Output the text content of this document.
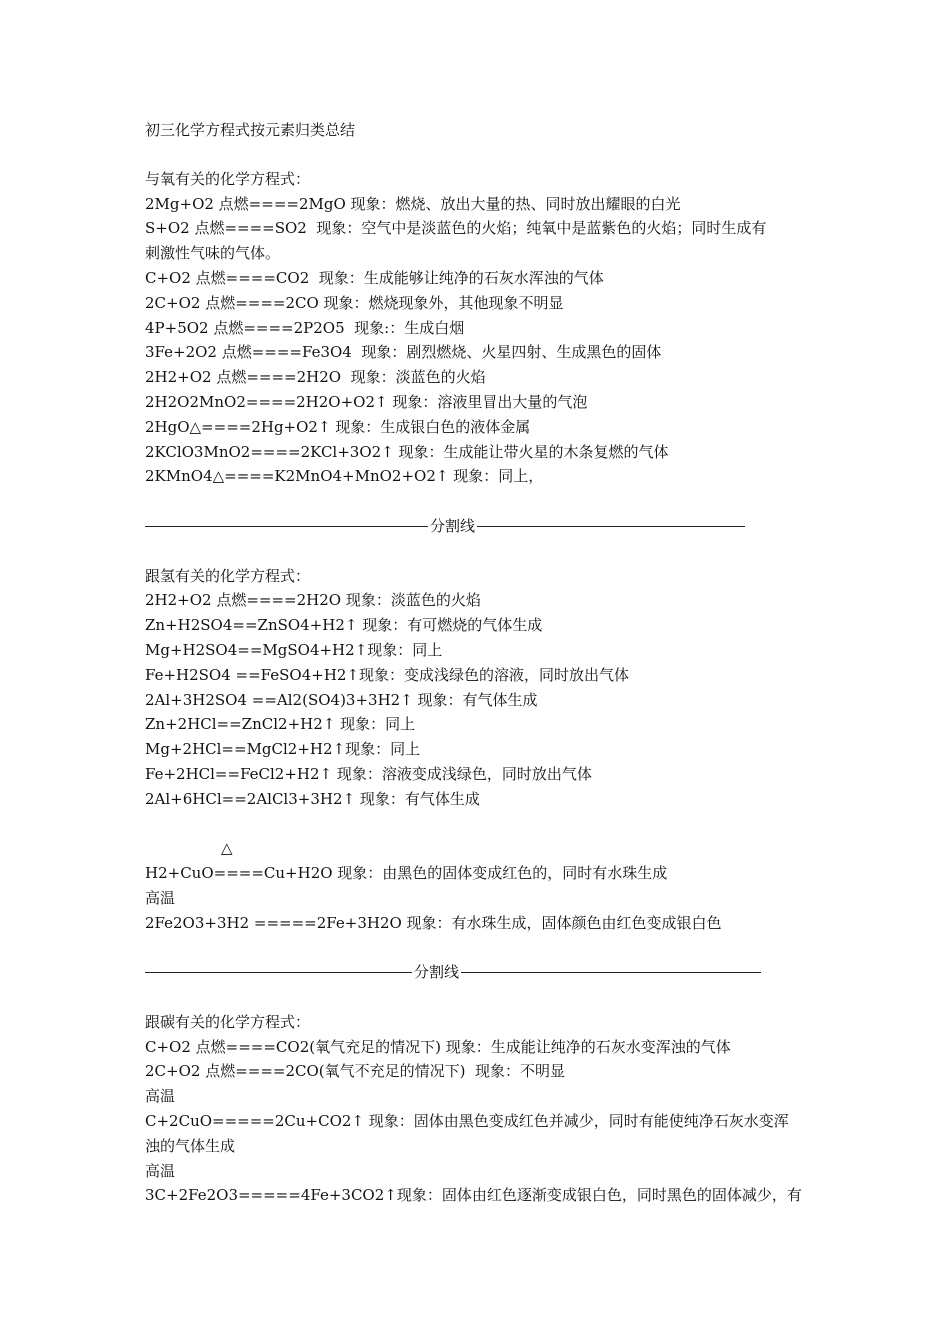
初三化学方程式按元素归类总结

与氧有关的化学方程式：

2Mg+O2 点燃====2MgO 现象：燃烧、放出大量的热、同时放出耀眼的白光

S+O2 点燃====SO2  现象：空气中是淡蓝色的火焰；纯氧中是蓝紫色的火焰；同时生成有

刺激性气味的气体。

C+O2 点燃====CO2  现象：生成能够让纯净的石灰水浑浊的气体

2C+O2 点燃====2CO 现象：燃烧现象外，其他现象不明显

4P+5O2 点燃====2P2O5  现象:：生成白烟

3Fe+2O2 点燃====Fe3O4  现象：剧烈燃烧、火星四射、生成黑色的固体

2H2+O2 点燃====2H2O  现象：淡蓝色的火焰

2H2O2MnO2====2H2O+O2↑ 现象：溶液里冒出大量的气泡

2HgO△====2Hg+O2↑ 现象：生成银白色的液体金属

2KClO3MnO2====2KCl+3O2↑ 现象：生成能让带火星的木条复燃的气体

2KMnO4△====K2MnO4+MnO2+O2↑ 现象：同上，

分割线

跟氢有关的化学方程式：

2H2+O2 点燃====2H2O 现象：淡蓝色的火焰

Zn+H2SO4==ZnSO4+H2↑ 现象：有可燃烧的气体生成

Mg+H2SO4==MgSO4+H2↑现象：同上

Fe+H2SO4 ==FeSO4+H2↑现象：变成浅绿色的溶液，同时放出气体

2Al+3H2SO4 ==Al2(SO4)3+3H2↑ 现象：有气体生成

Zn+2HCl==ZnCl2+H2↑ 现象：同上

Mg+2HCl==MgCl2+H2↑现象：同上

Fe+2HCl==FeCl2+H2↑ 现象：溶液变成浅绿色，同时放出气体

2Al+6HCl==2AlCl3+3H2↑ 现象：有气体生成

△

H2+CuO====Cu+H2O 现象：由黑色的固体变成红色的，同时有水珠生成

高温

2Fe2O3+3H2 =====2Fe+3H2O 现象：有水珠生成，固体颜色由红色变成银白色

分割线

跟碳有关的化学方程式：

C+O2 点燃====CO2(氧气充足的情况下) 现象：生成能让纯净的石灰水变浑浊的气体

2C+O2 点燃====2CO(氧气不充足的情况下)  现象：不明显

高温

C+2CuO=====2Cu+CO2↑ 现象：固体由黑色变成红色并减少，同时有能使纯净石灰水变浑

浊的气体生成

高温

3C+2Fe2O3=====4Fe+3CO2↑现象：固体由红色逐渐变成银白色，同时黑色的固体减少，有
